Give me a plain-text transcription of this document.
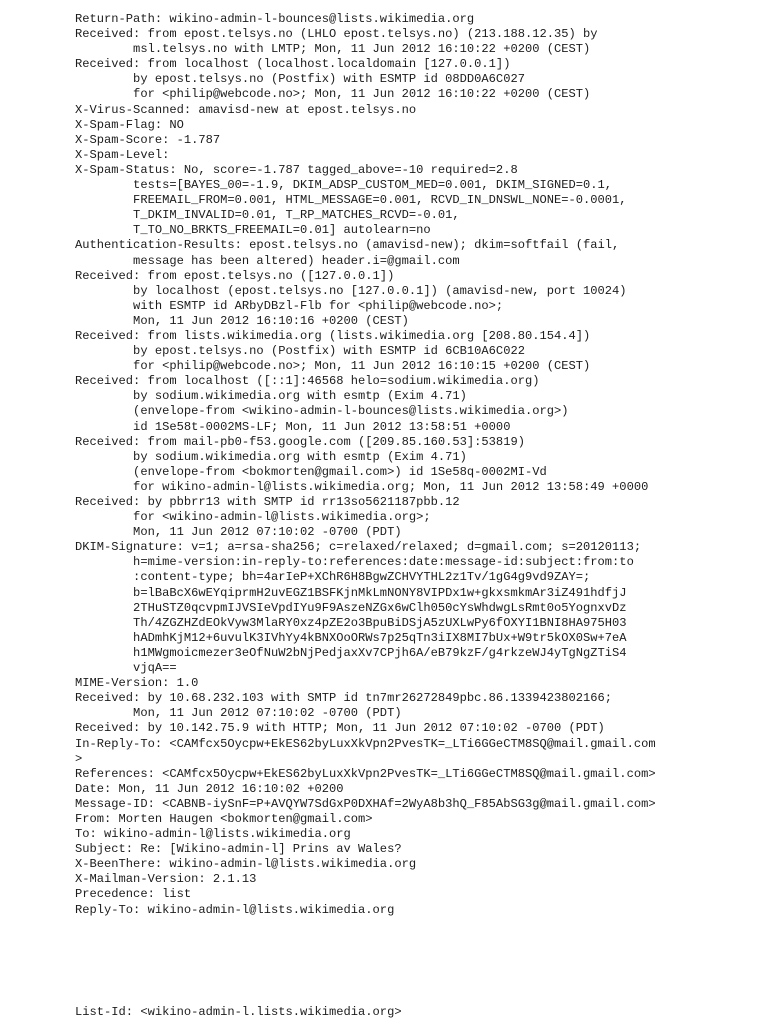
Return-Path: wikino-admin-l-bounces@lists.wikimedia.org
Received: from epost.telsys.no (LHLO epost.telsys.no) (213.188.12.35) by
msl.telsys.no with LMTP; Mon, 11 Jun 2012 16:10:22 +0200 (CEST)
Received: from localhost (localhost.localdomain [127.0.0.1])
by epost.telsys.no (Postfix) with ESMTP id 08DD0A6C027
for <philip@webcode.no>; Mon, 11 Jun 2012 16:10:22 +0200 (CEST)
X-Virus-Scanned: amavisd-new at epost.telsys.no
X-Spam-Flag: NO
X-Spam-Score: -1.787
X-Spam-Level:
X-Spam-Status: No, score=-1.787 tagged_above=-10 required=2.8
tests=[BAYES_00=-1.9, DKIM_ADSP_CUSTOM_MED=0.001, DKIM_SIGNED=0.1,
FREEMAIL_FROM=0.001, HTML_MESSAGE=0.001, RCVD_IN_DNSWL_NONE=-0.0001,
T_DKIM_INVALID=0.01, T_RP_MATCHES_RCVD=-0.01,
T_TO_NO_BRKTS_FREEMAIL=0.01] autolearn=no
Authentication-Results: epost.telsys.no (amavisd-new); dkim=softfail (fail,
message has been altered) header.i=@gmail.com
Received: from epost.telsys.no ([127.0.0.1])
by localhost (epost.telsys.no [127.0.0.1]) (amavisd-new, port 10024)
with ESMTP id ARbyDBzl-Flb for <philip@webcode.no>;
Mon, 11 Jun 2012 16:10:16 +0200 (CEST)
Received: from lists.wikimedia.org (lists.wikimedia.org [208.80.154.4])
by epost.telsys.no (Postfix) with ESMTP id 6CB10A6C022
for <philip@webcode.no>; Mon, 11 Jun 2012 16:10:15 +0200 (CEST)
Received: from localhost ([::1]:46568 helo=sodium.wikimedia.org)
by sodium.wikimedia.org with esmtp (Exim 4.71)
(envelope-from <wikino-admin-l-bounces@lists.wikimedia.org>)
id 1Se58t-0002MS-LF; Mon, 11 Jun 2012 13:58:51 +0000
Received: from mail-pb0-f53.google.com ([209.85.160.53]:53819)
by sodium.wikimedia.org with esmtp (Exim 4.71)
(envelope-from <bokmorten@gmail.com>) id 1Se58q-0002MI-Vd
for wikino-admin-l@lists.wikimedia.org; Mon, 11 Jun 2012 13:58:49 +0000
Received: by pbbrr13 with SMTP id rr13so5621187pbb.12
for <wikino-admin-l@lists.wikimedia.org>;
Mon, 11 Jun 2012 07:10:02 -0700 (PDT)
DKIM-Signature: v=1; a=rsa-sha256; c=relaxed/relaxed; d=gmail.com; s=20120113;
h=mime-version:in-reply-to:references:date:message-id:subject:from:to
:content-type; bh=4arIeP+XChR6H8BgwZCHVYTHL2z1Tv/1gG4g9vd9ZAY=;
b=lBaBcX6wEYqiprmH2uvEGZ1BSFKjnMkLmNONY8VIPDx1w+gkxsmkmAr3iZ491hdfjJ
2THuSTZ0qcvpmIJVSIeVpdIYu9F9AszeNZGx6wClh050cYsWhdwgLsRmt0o5YognxvDz
Th/4ZGZHZdEOkVyw3MlaRY0xz4pZE2o3BpuBiDSjA5zUXLwPy6fOXYI1BNI8HA975H03
hADmhKjM12+6uvulK3IVhYy4kBNXOoORWs7p25qTn3iIX8MI7bUx+W9tr5kOX0Sw+7eA
h1MWgmoicmezer3eOfNuW2bNjPedjaxXv7CPjh6A/eB79kzF/g4rkzeWJ4yTgNgZTiS4
vjqA==
MIME-Version: 1.0
Received: by 10.68.232.103 with SMTP id tn7mr26272849pbc.86.1339423802166;
Mon, 11 Jun 2012 07:10:02 -0700 (PDT)
Received: by 10.142.75.9 with HTTP; Mon, 11 Jun 2012 07:10:02 -0700 (PDT)
In-Reply-To: <CAMfcx5Oycpw+EkES62byLuxXkVpn2PvesTK=_LTi6GGeCTM8SQ@mail.gmail.com
>
References: <CAMfcx5Oycpw+EkES62byLuxXkVpn2PvesTK=_LTi6GGeCTM8SQ@mail.gmail.com>
Date: Mon, 11 Jun 2012 16:10:02 +0200
Message-ID: <CABNB-iySnF=P+AVQYW7SdGxP0DXHAf=2WyA8b3hQ_F85AbSG3g@mail.gmail.com>
From: Morten Haugen <bokmorten@gmail.com>
To: wikino-admin-l@lists.wikimedia.org
Subject: Re: [Wikino-admin-l] Prins av Wales?
X-BeenThere: wikino-admin-l@lists.wikimedia.org
X-Mailman-Version: 2.1.13
Precedence: list
Reply-To: wikino-admin-l@lists.wikimedia.org
List-Id: <wikino-admin-l.lists.wikimedia.org>
